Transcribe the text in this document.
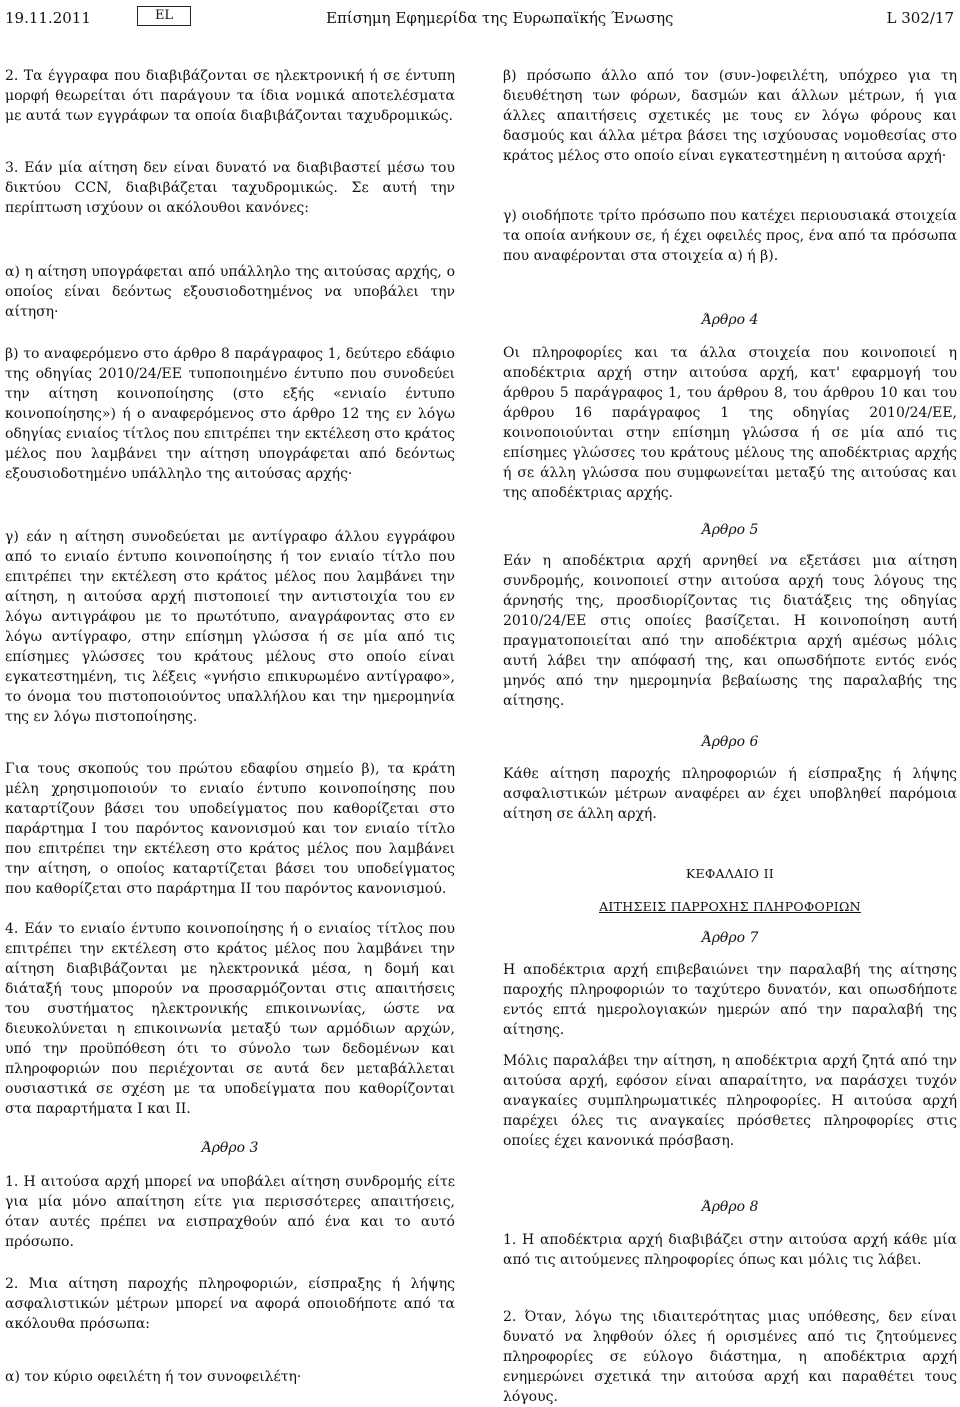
19.11.2011	EL	Επίσημη Εφημερίδα της Ευρωπαϊκής Ένωσης	L 302/17

2. Τα έγγραφα που διαβιβάζονται σε ηλεκτρονική ή σε έντυπη μορφή θεωρείται ότι παράγουν τα ίδια νομικά αποτελέσματα με αυτά των εγγράφων τα οποία διαβιβάζονται ταχυδρομικώς.

3. Εάν μία αίτηση δεν είναι δυνατό να διαβιβαστεί μέσω του δικτύου CCN, διαβιβάζεται ταχυδρομικώς. Σε αυτή την περίπτωση ισχύουν οι ακόλουθοι κανόνες:

α) η αίτηση υπογράφεται από υπάλληλο της αιτούσας αρχής, ο οποίος είναι δεόντως εξουσιοδοτημένος να υποβάλει την αίτηση·

β) το αναφερόμενο στο άρθρο 8 παράγραφος 1, δεύτερο εδάφιο της οδηγίας 2010/24/ΕΕ τυποποιημένο έντυπο που συνοδεύει την αίτηση κοινοποίησης (στο εξής «ενιαίο έντυπο κοινοποίησης») ή ο αναφερόμενος στο άρθρο 12 της εν λόγω οδηγίας ενιαίος τίτλος που επιτρέπει την εκτέλεση στο κράτος μέλος που λαμβάνει την αίτηση υπογράφεται από δεόντως εξουσιοδοτημένο υπάλληλο της αιτούσας αρχής·

γ) εάν η αίτηση συνοδεύεται με αντίγραφο άλλου εγγράφου από το ενιαίο έντυπο κοινοποίησης ή τον ενιαίο τίτλο που επιτρέπει την εκτέλεση στο κράτος μέλος που λαμβάνει την αίτηση, η αιτούσα αρχή πιστοποιεί την αντιστοιχία του εν λόγω αντιγράφου με το πρωτότυπο, αναγράφοντας στο εν λόγω αντίγραφο, στην επίσημη γλώσσα ή σε μία από τις επίσημες γλώσσες του κράτους μέλους στο οποίο είναι εγκατεστημένη, τις λέξεις «γνήσιο επικυρωμένο αντίγραφο», το όνομα του πιστοποιούντος υπαλλήλου και την ημερομηνία της εν λόγω πιστοποίησης.

Για τους σκοπούς του πρώτου εδαφίου σημείο β), τα κράτη μέλη χρησιμοποιούν το ενιαίο έντυπο κοινοποίησης που καταρτίζουν βάσει του υποδείγματος που καθορίζεται στο παράρτημα I του παρόντος κανονισμού και τον ενιαίο τίτλο που επιτρέπει την εκτέλεση στο κράτος μέλος που λαμβάνει την αίτηση, ο οποίος καταρτίζεται βάσει του υποδείγματος που καθορίζεται στο παράρτημα II του παρόντος κανονισμού.

4. Εάν το ενιαίο έντυπο κοινοποίησης ή ο ενιαίος τίτλος που επιτρέπει την εκτέλεση στο κράτος μέλος που λαμβάνει την αίτηση διαβιβάζονται με ηλεκτρονικά μέσα, η δομή και διάταξή τους μπορούν να προσαρμόζονται στις απαιτήσεις του συστήματος ηλεκτρονικής επικοινωνίας, ώστε να διευκολύνεται η επικοινωνία μεταξύ των αρμόδιων αρχών, υπό την προϋπόθεση ότι το σύνολο των δεδομένων και πληροφοριών που περιέχονται σε αυτά δεν μεταβάλλεται ουσιαστικά σε σχέση με τα υποδείγματα που καθορίζονται στα παραρτήματα I και II.

Άρθρο 3

1. Η αιτούσα αρχή μπορεί να υποβάλει αίτηση συνδρομής είτε για μία μόνο απαίτηση είτε για περισσότερες απαιτήσεις, όταν αυτές πρέπει να εισπραχθούν από ένα και το αυτό πρόσωπο.

2. Μια αίτηση παροχής πληροφοριών, είσπραξης ή λήψης ασφαλιστικών μέτρων μπορεί να αφορά οποιοδήποτε από τα ακόλουθα πρόσωπα:

α) τον κύριο οφειλέτη ή τον συνοφειλέτη·

β) πρόσωπο άλλο από τον (συν-)οφειλέτη, υπόχρεο για τη διευθέτηση των φόρων, δασμών και άλλων μέτρων, ή για άλλες απαιτήσεις σχετικές με τους εν λόγω φόρους και δασμούς και άλλα μέτρα βάσει της ισχύουσας νομοθεσίας στο κράτος μέλος στο οποίο είναι εγκατεστημένη η αιτούσα αρχή·

γ) οιοδήποτε τρίτο πρόσωπο που κατέχει περιουσιακά στοιχεία τα οποία ανήκουν σε, ή έχει οφειλές προς, ένα από τα πρόσωπα που αναφέρονται στα στοιχεία α) ή β).

Άρθρο 4

Οι πληροφορίες και τα άλλα στοιχεία που κοινοποιεί η αποδέκτρια αρχή στην αιτούσα αρχή, κατ' εφαρμογή του άρθρου 5 παράγραφος 1, του άρθρου 8, του άρθρου 10 και του άρθρου 16 παράγραφος 1 της οδηγίας 2010/24/ΕΕ, κοινοποιούνται στην επίσημη γλώσσα ή σε μία από τις επίσημες γλώσσες του κράτους μέλους της αποδέκτριας αρχής ή σε άλλη γλώσσα που συμφωνείται μεταξύ της αιτούσας και της αποδέκτριας αρχής.

Άρθρο 5

Εάν η αποδέκτρια αρχή αρνηθεί να εξετάσει μια αίτηση συνδρομής, κοινοποιεί στην αιτούσα αρχή τους λόγους της άρνησής της, προσδιορίζοντας τις διατάξεις της οδηγίας 2010/24/ΕΕ στις οποίες βασίζεται. Η κοινοποίηση αυτή πραγματοποιείται από την αποδέκτρια αρχή αμέσως μόλις αυτή λάβει την απόφασή της, και οπωσδήποτε εντός ενός μηνός από την ημερομηνία βεβαίωσης της παραλαβής της αίτησης.

Άρθρο 6

Κάθε αίτηση παροχής πληροφοριών ή είσπραξης ή λήψης ασφαλιστικών μέτρων αναφέρει αν έχει υποβληθεί παρόμοια αίτηση σε άλλη αρχή.

ΚΕΦΑΛΑΙΟ II

ΑΙΤΗΣΕΙΣ ΠΑΡΡΟΧΗΣ ΠΛΗΡΟΦΟΡΙΩΝ

Άρθρο 7

Η αποδέκτρια αρχή επιβεβαιώνει την παραλαβή της αίτησης παροχής πληροφοριών το ταχύτερο δυνατόν, και οπωσδήποτε εντός επτά ημερολογιακών ημερών από την παραλαβή της αίτησης.

Μόλις παραλάβει την αίτηση, η αποδέκτρια αρχή ζητά από την αιτούσα αρχή, εφόσον είναι απαραίτητο, να παράσχει τυχόν αναγκαίες συμπληρωματικές πληροφορίες. Η αιτούσα αρχή παρέχει όλες τις αναγκαίες πρόσθετες πληροφορίες στις οποίες έχει κανονικά πρόσβαση.

Άρθρο 8

1. Η αποδέκτρια αρχή διαβιβάζει στην αιτούσα αρχή κάθε μία από τις αιτούμενες πληροφορίες όπως και μόλις τις λάβει.

2. Όταν, λόγω της ιδιαιτερότητας μιας υπόθεσης, δεν είναι δυνατό να ληφθούν όλες ή ορισμένες από τις ζητούμενες πληροφορίες σε εύλογο διάστημα, η αποδέκτρια αρχή ενημερώνει σχετικά την αιτούσα αρχή και παραθέτει τους λόγους.
